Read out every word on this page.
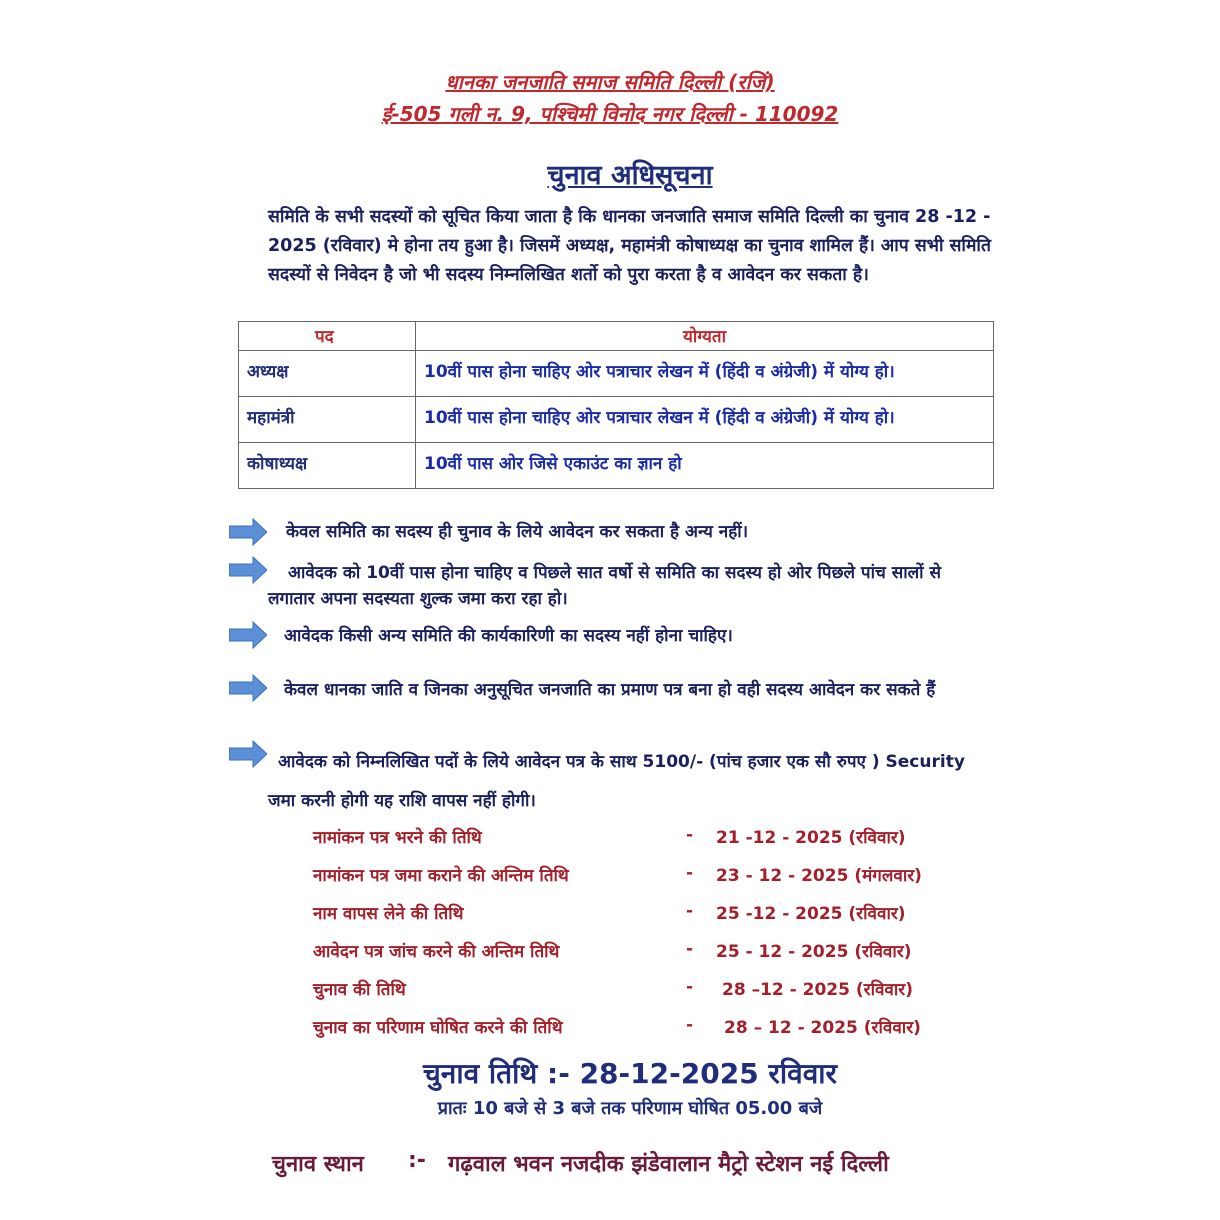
धानका जनजाति समाज समिति दिल्ली (रजिं)
ई-505 गली न. 9, पश्चिमी विनोद नगर दिल्ली - 110092
चुनाव अधिसूचना
समिति के सभी सदस्यों को सूचित किया जाता है कि धानका जनजाति समाज समिति दिल्ली का चुनाव 28 -12 - 2025 (रविवार) मे होना तय हुआ है। जिसमें अध्यक्ष, महामंत्री कोषाध्यक्ष का चुनाव शामिल हैं। आप सभी समिति सदस्यों से निवेदन है जो भी सदस्य निम्नलिखित शर्तो को पुरा करता है व आवेदन कर सकता है।
पद	योग्यता
अध्यक्ष	10वीं पास होना चाहिए ओर पत्राचार लेखन में (हिंदी व अंग्रेजी) में योग्य हो।
महामंत्री	10वीं पास होना चाहिए ओर पत्राचार लेखन में (हिंदी व अंग्रेजी) में योग्य हो।
कोषाध्यक्ष	10वीं पास ओर जिसे एकाउंट का ज्ञान हो
केवल समिति का सदस्य ही चुनाव के लिये आवेदन कर सकता है अन्य नहीं।
आवेदक को 10वीं पास होना चाहिए व पिछले सात वर्षो से समिति का सदस्य हो ओर पिछले पांच सालों से लगातार अपना सदस्यता शुल्क जमा करा रहा हो।
आवेदक किसी अन्य समिति की कार्यकारिणी का सदस्य नहीं होना चाहिए।
केवल धानका जाति व जिनका अनुसूचित जनजाति का प्रमाण पत्र बना हो वही सदस्य आवेदन कर सकते हैं
आवेदक को निम्नलिखित पदों के लिये आवेदन पत्र के साथ 5100/- (पांच हजार एक सौ रुपए ) Security जमा करनी होगी यह राशि वापस नहीं होगी।
नामांकन पत्र भरने की तिथि	- 21 -12 - 2025 (रविवार)
नामांकन पत्र जमा कराने की अन्तिम तिथि	- 23 - 12 - 2025 (मंगलवार)
नाम वापस लेने की तिथि	- 25 -12 - 2025 (रविवार)
आवेदन पत्र जांच करने की अन्तिम तिथि	- 25 - 12 - 2025 (रविवार)
चुनाव की तिथि	- 28 –12 - 2025 (रविवार)
चुनाव का परिणाम घोषित करने की तिथि	- 28 – 12 - 2025 (रविवार)
चुनाव तिथि :- 28-12-2025 रविवार
प्रातः 10 बजे से 3 बजे तक परिणाम घोषित 05.00 बजे
चुनाव स्थान :- गढ़वाल भवन नजदीक झंडेवालान मैट्रो स्टेशन नई दिल्ली
